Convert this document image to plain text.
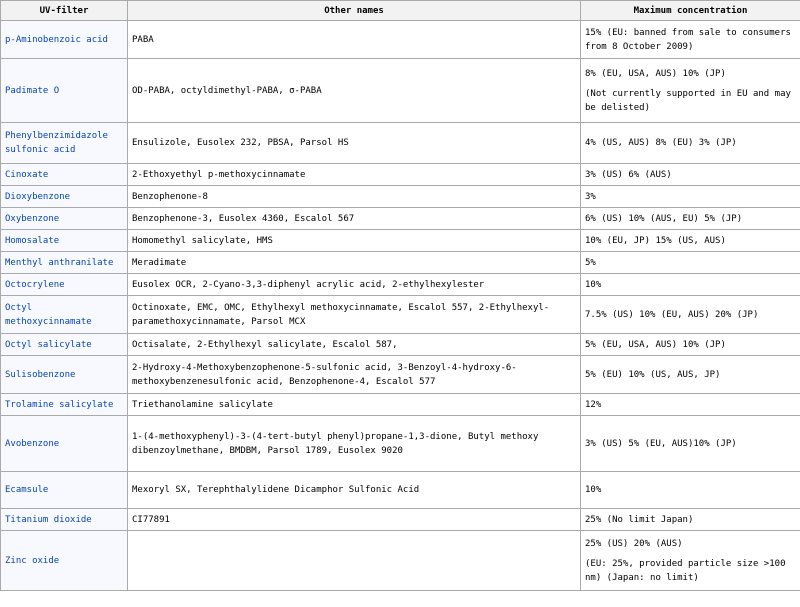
UV-filter	Other names	Maximum concentration
p-Aminobenzoic acid	PABA	15% (EU: banned from sale to consumers from 8 October 2009)
Padimate O	OD-PABA, octyldimethyl-PABA, σ-PABA	8% (EU, USA, AUS) 10% (JP)
(Not currently supported in EU and may be delisted)

Phenylbenzimidazole sulfonic acid	Ensulizole, Eusolex 232, PBSA, Parsol HS	4% (US, AUS) 8% (EU) 3% (JP)
Cinoxate	2-Ethoxyethyl p-methoxycinnamate	3% (US) 6% (AUS)
Dioxybenzone	Benzophenone-8	3%
Oxybenzone	Benzophenone-3, Eusolex 4360, Escalol 567	6% (US) 10% (AUS, EU) 5% (JP)
Homosalate	Homomethyl salicylate, HMS	10% (EU, JP) 15% (US, AUS)
Menthyl anthranilate	Meradimate	5%
Octocrylene	Eusolex OCR, 2-Cyano-3,3-diphenyl acrylic acid, 2-ethylhexylester	10%
Octyl methoxycinnamate	Octinoxate, EMC, OMC, Ethylhexyl methoxycinnamate, Escalol 557, 2-Ethylhexyl-paramethoxycinnamate, Parsol MCX	7.5% (US) 10% (EU, AUS) 20% (JP)
Octyl salicylate	Octisalate, 2-Ethylhexyl salicylate, Escalol 587,	5% (EU, USA, AUS) 10% (JP)
Sulisobenzone	2-Hydroxy-4-Methoxybenzophenone-5-sulfonic acid, 3-Benzoyl-4-hydroxy-6-methoxybenzenesulfonic acid, Benzophenone-4, Escalol 577	5% (EU) 10% (US, AUS, JP)
Trolamine salicylate	Triethanolamine salicylate	12%
Avobenzone	1-(4-methoxyphenyl)-3-(4-tert-butyl phenyl)propane-1,3-dione, Butyl methoxy dibenzoylmethane, BMDBM, Parsol 1789, Eusolex 9020	3% (US) 5% (EU, AUS)10% (JP)
Ecamsule	Mexoryl SX, Terephthalylidene Dicamphor Sulfonic Acid	10%
Titanium dioxide	CI77891	25% (No limit Japan)
Zinc oxide		25% (US) 20% (AUS)
(EU: 25%, provided particle size >100 nm) (Japan: no limit)
